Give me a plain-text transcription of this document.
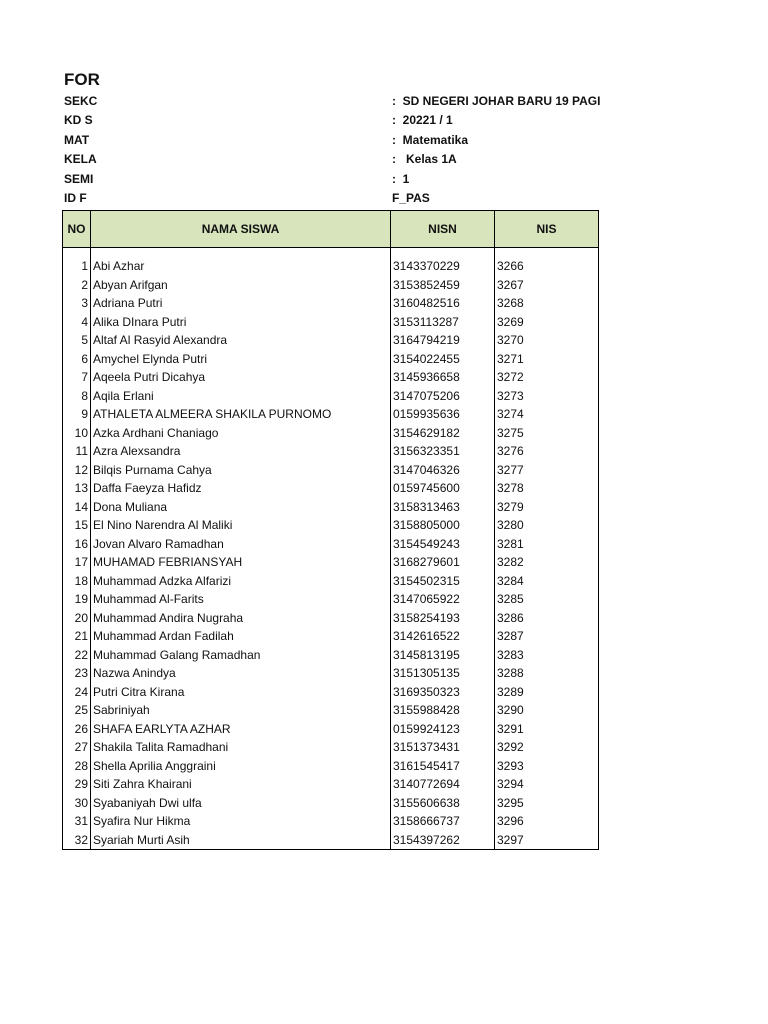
FOR
SEKC	:  SD NEGERI JOHAR BARU 19 PAGI
KD S	:  20221 / 1
MAT	:  Matematika
KELA	:   Kelas 1A
SEMI	:  1
ID F	F_PAS
NO	NAMA SISWA	NISN	NIS

1	Abi Azhar	3143370229	3266
2	Abyan Arifgan	3153852459	3267
3	Adriana Putri	3160482516	3268
4	Alika DInara Putri	3153113287	3269
5	Altaf Al Rasyid Alexandra	3164794219	3270
6	Amychel Elynda Putri	3154022455	3271
7	Aqeela Putri Dicahya	3145936658	3272
8	Aqila Erlani	3147075206	3273
9	ATHALETA ALMEERA SHAKILA PURNOMO	0159935636	3274
10	Azka Ardhani Chaniago	3154629182	3275
11	Azra Alexsandra	3156323351	3276
12	Bilqis Purnama Cahya	3147046326	3277
13	Daffa Faeyza Hafidz	0159745600	3278
14	Dona Muliana	3158313463	3279
15	El Nino Narendra Al Maliki	3158805000	3280
16	Jovan Alvaro Ramadhan	3154549243	3281
17	MUHAMAD FEBRIANSYAH	3168279601	3282
18	Muhammad Adzka Alfarizi	3154502315	3284
19	Muhammad Al-Farits	3147065922	3285
20	Muhammad Andira Nugraha	3158254193	3286
21	Muhammad Ardan Fadilah	3142616522	3287
22	Muhammad Galang Ramadhan	3145813195	3283
23	Nazwa Anindya	3151305135	3288
24	Putri Citra Kirana	3169350323	3289
25	Sabriniyah	3155988428	3290
26	SHAFA EARLYTA AZHAR	0159924123	3291
27	Shakila Talita Ramadhani	3151373431	3292
28	Shella Aprilia Anggraini	3161545417	3293
29	Siti Zahra Khairani	3140772694	3294
30	Syabaniyah Dwi ulfa	3155606638	3295
31	Syafira Nur Hikma	3158666737	3296
32	Syariah Murti Asih	3154397262	3297
